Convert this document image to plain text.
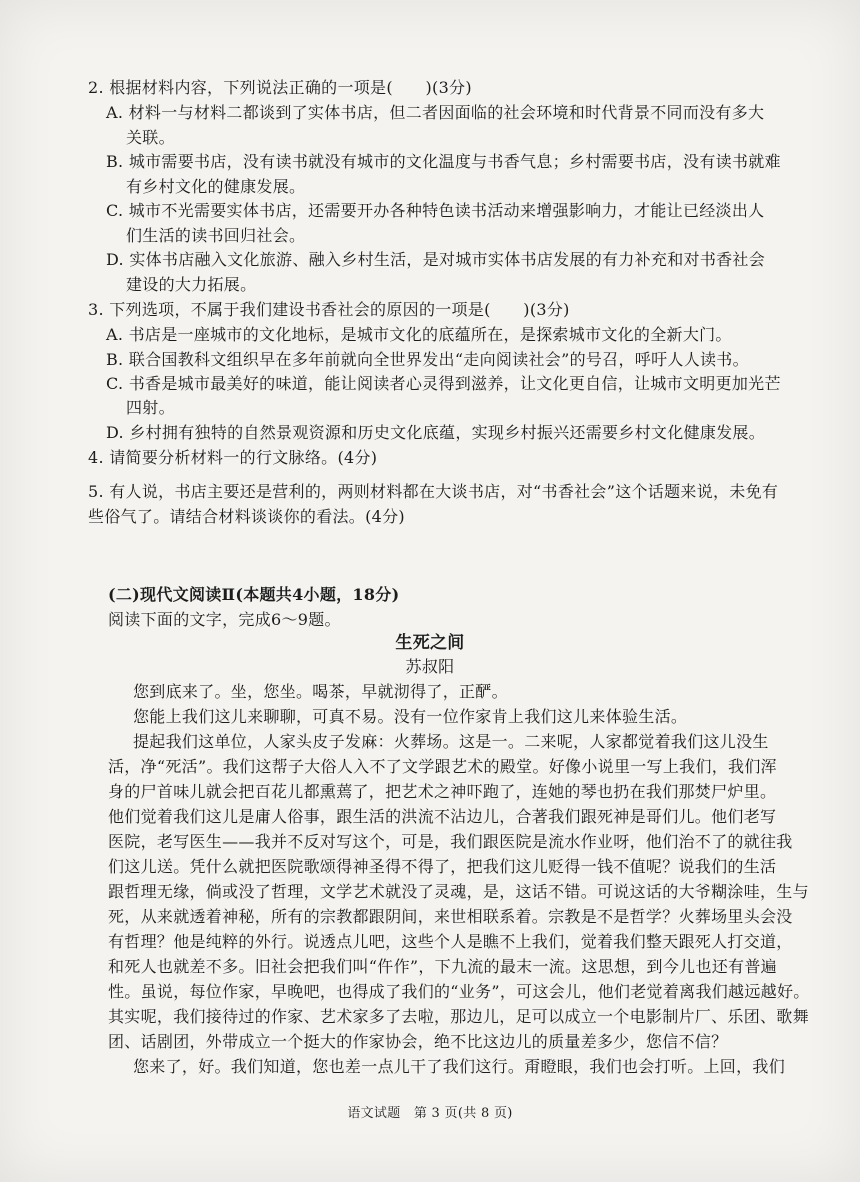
2. 根据材料内容，下列说法正确的一项是(　　)(3分)
A. 材料一与材料二都谈到了实体书店，但二者因面临的社会环境和时代背景不同而没有多大
关联。
B. 城市需要书店，没有读书就没有城市的文化温度与书香气息；乡村需要书店，没有读书就难
有乡村文化的健康发展。
C. 城市不光需要实体书店，还需要开办各种特色读书活动来增强影响力，才能让已经淡出人
们生活的读书回归社会。
D. 实体书店融入文化旅游、融入乡村生活，是对城市实体书店发展的有力补充和对书香社会
建设的大力拓展。
3. 下列选项，不属于我们建设书香社会的原因的一项是(　　)(3分)
A. 书店是一座城市的文化地标，是城市文化的底蕴所在，是探索城市文化的全新大门。
B. 联合国教科文组织早在多年前就向全世界发出“走向阅读社会”的号召，呼吁人人读书。
C. 书香是城市最美好的味道，能让阅读者心灵得到滋养，让文化更自信，让城市文明更加光芒
四射。
D. 乡村拥有独特的自然景观资源和历史文化底蕴，实现乡村振兴还需要乡村文化健康发展。
4. 请简要分析材料一的行文脉络。(4分)
5. 有人说，书店主要还是营利的，两则材料都在大谈书店，对“书香社会”这个话题来说，未免有
些俗气了。请结合材料谈谈你的看法。(4分)
(二)现代文阅读Ⅱ(本题共4小题，18分)
阅读下面的文字，完成6～9题。
生死之间
苏叔阳
您到底来了。坐，您坐。喝茶，早就沏得了，正酽。
您能上我们这儿来聊聊，可真不易。没有一位作家肯上我们这儿来体验生活。
提起我们这单位，人家头皮子发麻：火葬场。这是一。二来呢，人家都觉着我们这儿没生
活，净“死活”。我们这帮子大俗人入不了文学跟艺术的殿堂。好像小说里一写上我们，我们浑
身的尸首味儿就会把百花儿都熏蔫了，把艺术之神吓跑了，连她的琴也扔在我们那焚尸炉里。
他们觉着我们这儿是庸人俗事，跟生活的洪流不沾边儿，合著我们跟死神是哥们儿。他们老写
医院，老写医生——我并不反对写这个，可是，我们跟医院是流水作业呀，他们治不了的就往我
们这儿送。凭什么就把医院歌颂得神圣得不得了，把我们这儿贬得一钱不值呢？说我们的生活
跟哲理无缘，倘或没了哲理，文学艺术就没了灵魂，是，这话不错。可说这话的大爷糊涂哇，生与
死，从来就透着神秘，所有的宗教都跟阴间，来世相联系着。宗教是不是哲学？火葬场里头会没
有哲理？他是纯粹的外行。说透点儿吧，这些个人是瞧不上我们，觉着我们整天跟死人打交道，
和死人也就差不多。旧社会把我们叫“仵作”，下九流的最末一流。这思想，到今儿也还有普遍
性。虽说，每位作家，早晚吧，也得成了我们的“业务”，可这会儿，他们老觉着离我们越远越好。
其实呢，我们接待过的作家、艺术家多了去啦，那边儿，足可以成立一个电影制片厂、乐团、歌舞
团、话剧团，外带成立一个挺大的作家协会，绝不比这边儿的质量差多少，您信不信？
您来了，好。我们知道，您也差一点儿干了我们这行。甭瞪眼，我们也会打听。上回，我们
语文试题　第 3 页(共 8 页)
